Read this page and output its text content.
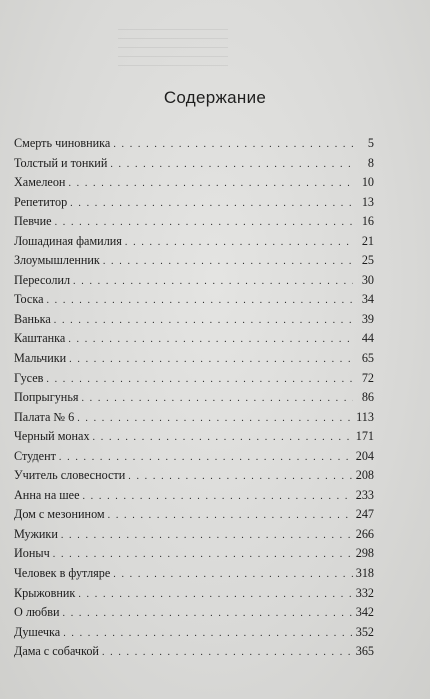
Содержание
Смерть чиновника . . .	5
Толстый и тонкий . . .	8
Хамелеон . . .	10
Репетитор . . .	13
Певчие . . .	16
Лошадиная фамилия . . .	21
Злоумышленник . . .	25
Пересолил . . .	30
Тоска . . .	34
Ванька . . .	39
Каштанка . . .	44
Мальчики . . .	65
Гусев . . .	72
Попрыгунья . . .	86
Палата № 6 . . .	113
Черный монах . . .	171
Студент . . .	204
Учитель словесности . . .	208
Анна на шее . . .	233
Дом с мезонином . . .	247
Мужики . . .	266
Ионыч . . .	298
Человек в футляре . . .	318
Крыжовник . . .	332
О любви . . .	342
Душечка . . .	352
Дама с собачкой . . .	365
